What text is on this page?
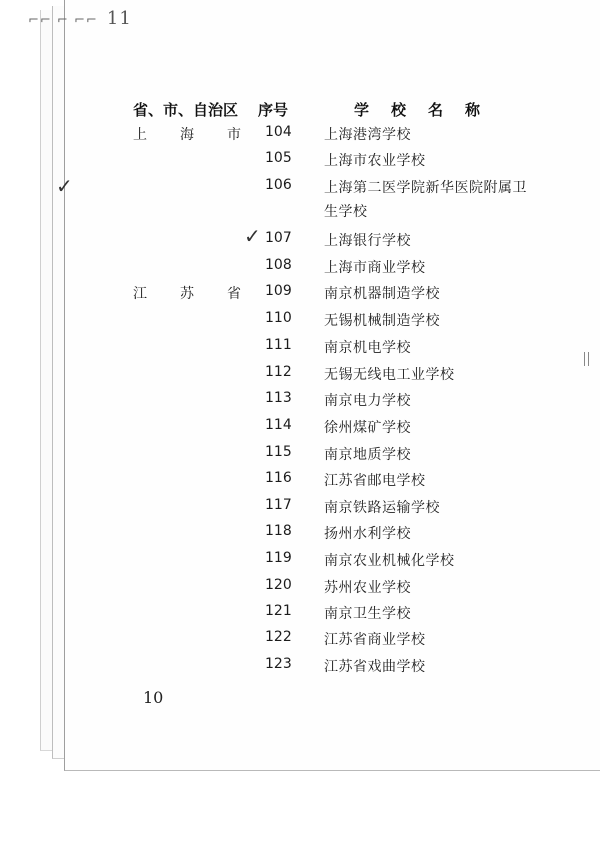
⌐⌐ ⌐ ⌐⌐ 11
省、市、自治区 序号	学校名称
上 海 市 104 上海港湾学校
105 上海市农业学校
106 上海第二医学院新华医院附属卫
生学校
107 上海银行学校
108 上海市商业学校
江 苏 省 109 南京机器制造学校
110 无锡机械制造学校
111 南京机电学校
112 无锡无线电工业学校
113 南京电力学校
114 徐州煤矿学校
115 南京地质学校
116 江苏省邮电学校
117 南京铁路运输学校
118 扬州水利学校
119 南京农业机械化学校
120 苏州农业学校
121 南京卫生学校
122 江苏省商业学校
123 江苏省戏曲学校
✓
✓
10
